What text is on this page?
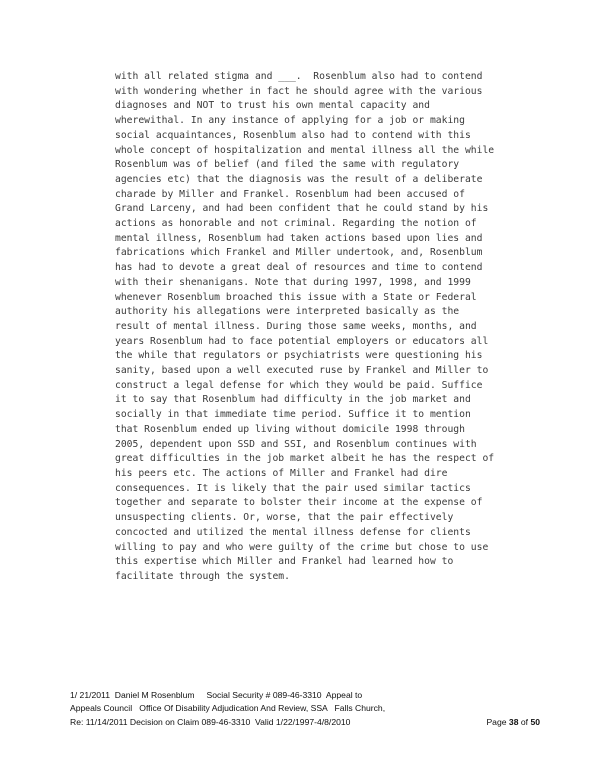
with all related stigma and ___.  Rosenblum also had to contend
with wondering whether in fact he should agree with the various
diagnoses and NOT to trust his own mental capacity and
wherewithal. In any instance of applying for a job or making
social acquaintances, Rosenblum also had to contend with this
whole concept of hospitalization and mental illness all the while
Rosenblum was of belief (and filed the same with regulatory
agencies etc) that the diagnosis was the result of a deliberate
charade by Miller and Frankel. Rosenblum had been accused of
Grand Larceny, and had been confident that he could stand by his
actions as honorable and not criminal. Regarding the notion of
mental illness, Rosenblum had taken actions based upon lies and
fabrications which Frankel and Miller undertook, and, Rosenblum
has had to devote a great deal of resources and time to contend
with their shenanigans. Note that during 1997, 1998, and 1999
whenever Rosenblum broached this issue with a State or Federal
authority his allegations were interpreted basically as the
result of mental illness. During those same weeks, months, and
years Rosenblum had to face potential employers or educators all
the while that regulators or psychiatrists were questioning his
sanity, based upon a well executed ruse by Frankel and Miller to
construct a legal defense for which they would be paid. Suffice
it to say that Rosenblum had difficulty in the job market and
socially in that immediate time period. Suffice it to mention
that Rosenblum ended up living without domicile 1998 through
2005, dependent upon SSD and SSI, and Rosenblum continues with
great difficulties in the job market albeit he has the respect of
his peers etc. The actions of Miller and Frankel had dire
consequences. It is likely that the pair used similar tactics
together and separate to bolster their income at the expense of
unsuspecting clients. Or, worse, that the pair effectively
concocted and utilized the mental illness defense for clients
willing to pay and who were guilty of the crime but chose to use
this expertise which Miller and Frankel had learned how to
facilitate through the system.
1/ 21/2011  Daniel M Rosenblum     Social Security # 089-46-3310  Appeal to
Appeals Council   Office Of Disability Adjudication And Review, SSA   Falls Church,
Re: 11/14/2011 Decision on Claim 089-46-3310  Valid 1/22/1997-4/8/2010	Page 38 of 50
